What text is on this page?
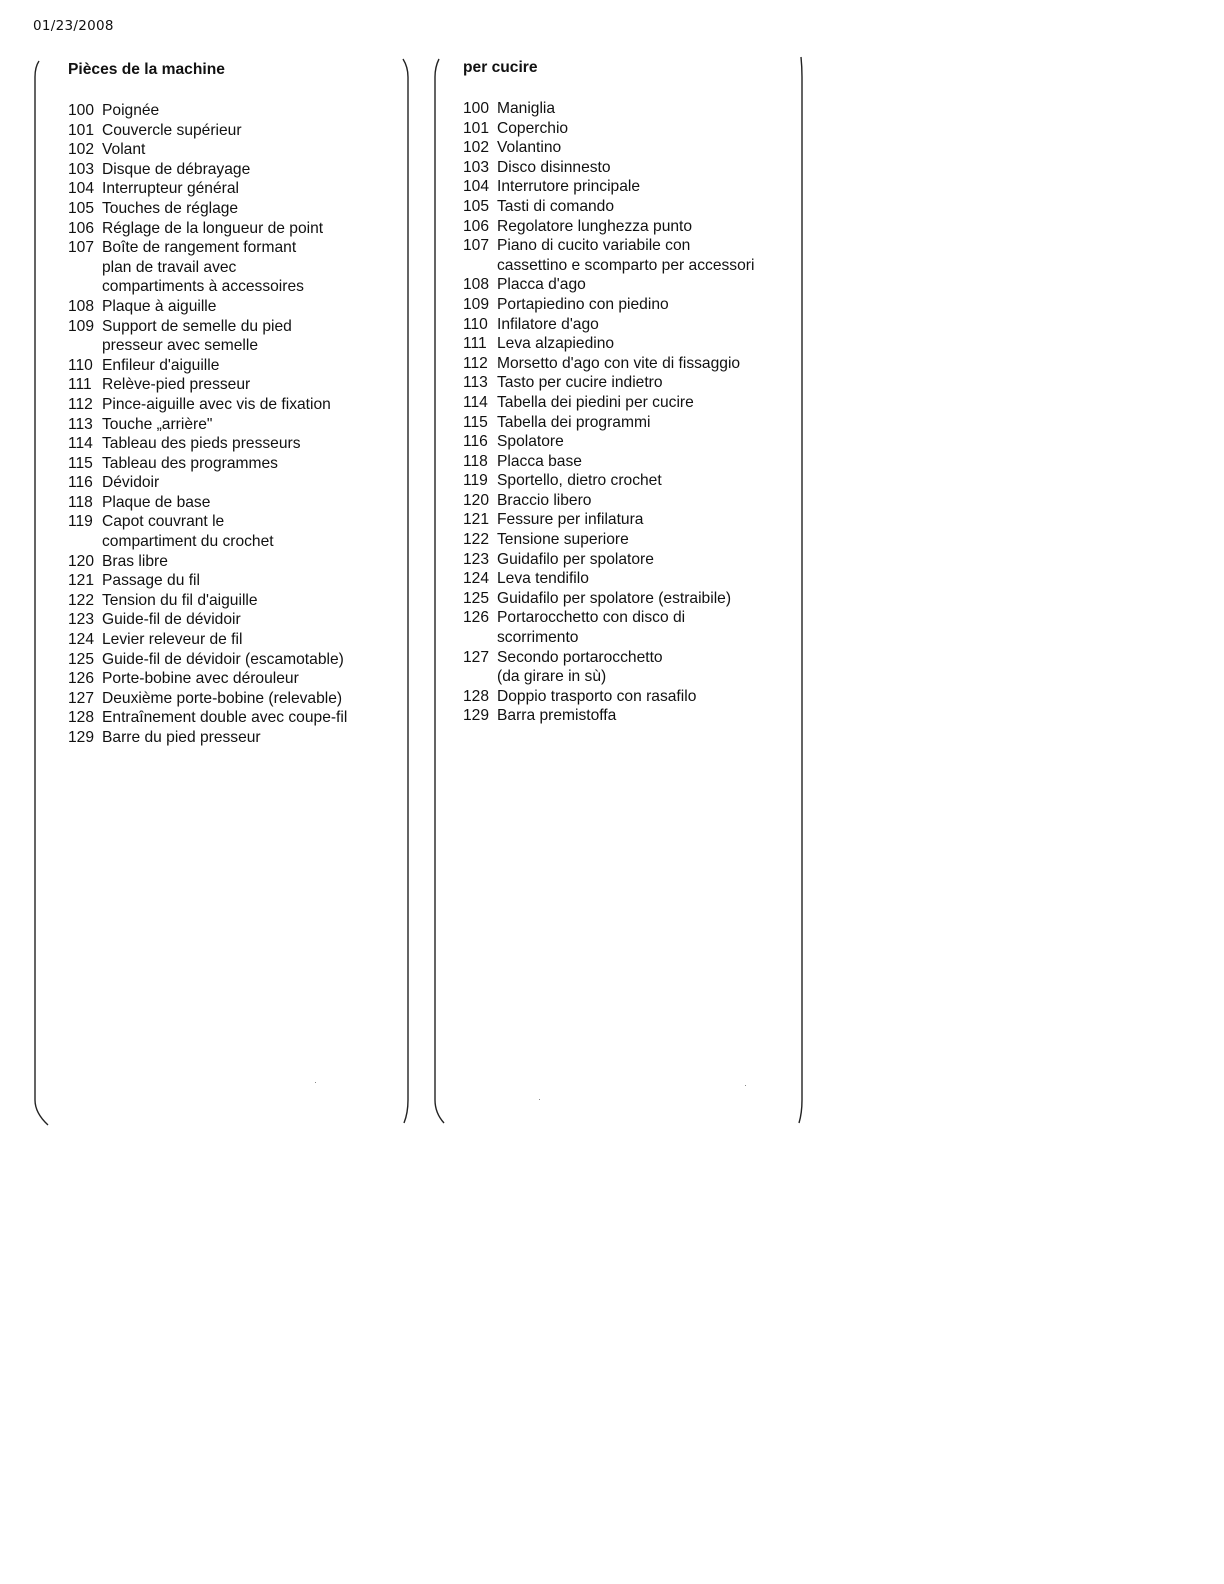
01/23/2008
Pièces de la machine
100 Poignée
101 Couvercle supérieur
102 Volant
103 Disque de débrayage
104 Interrupteur général
105 Touches de réglage
106 Réglage de la longueur de point
107 Boîte de rangement formant
plan de travail avec
compartiments à accessoires
108 Plaque à aiguille
109 Support de semelle du pied
presseur avec semelle
110 Enfileur d'aiguille
111 Relève-pied presseur
112 Pince-aiguille avec vis de fixation
113 Touche „arrière"
114 Tableau des pieds presseurs
115 Tableau des programmes
116 Dévidoir
118 Plaque de base
119 Capot couvrant le
compartiment du crochet
120 Bras libre
121 Passage du fil
122 Tension du fil d'aiguille
123 Guide-fil de dévidoir
124 Levier releveur de fil
125 Guide-fil de dévidoir (escamotable)
126 Porte-bobine avec dérouleur
127 Deuxième porte-bobine (relevable)
128 Entraînement double avec coupe-fil
129 Barre du pied presseur
per cucire
100 Maniglia
101 Coperchio
102 Volantino
103 Disco disinnesto
104 Interrutore principale
105 Tasti di comando
106 Regolatore lunghezza punto
107 Piano di cucito variabile con
cassettino e scomparto per accessori
108 Placca d'ago
109 Portapiedino con piedino
110 Infilatore d'ago
111 Leva alzapiedino
112 Morsetto d'ago con vite di fissaggio
113 Tasto per cucire indietro
114 Tabella dei piedini per cucire
115 Tabella dei programmi
116 Spolatore
118 Placca base
119 Sportello, dietro crochet
120 Braccio libero
121 Fessure per infilatura
122 Tensione superiore
123 Guidafilo per spolatore
124 Leva tendifilo
125 Guidafilo per spolatore (estraibile)
126 Portarocchetto con disco di
scorrimento
127 Secondo portarocchetto
(da girare in sù)
128 Doppio trasporto con rasafilo
129 Barra premistoffa
